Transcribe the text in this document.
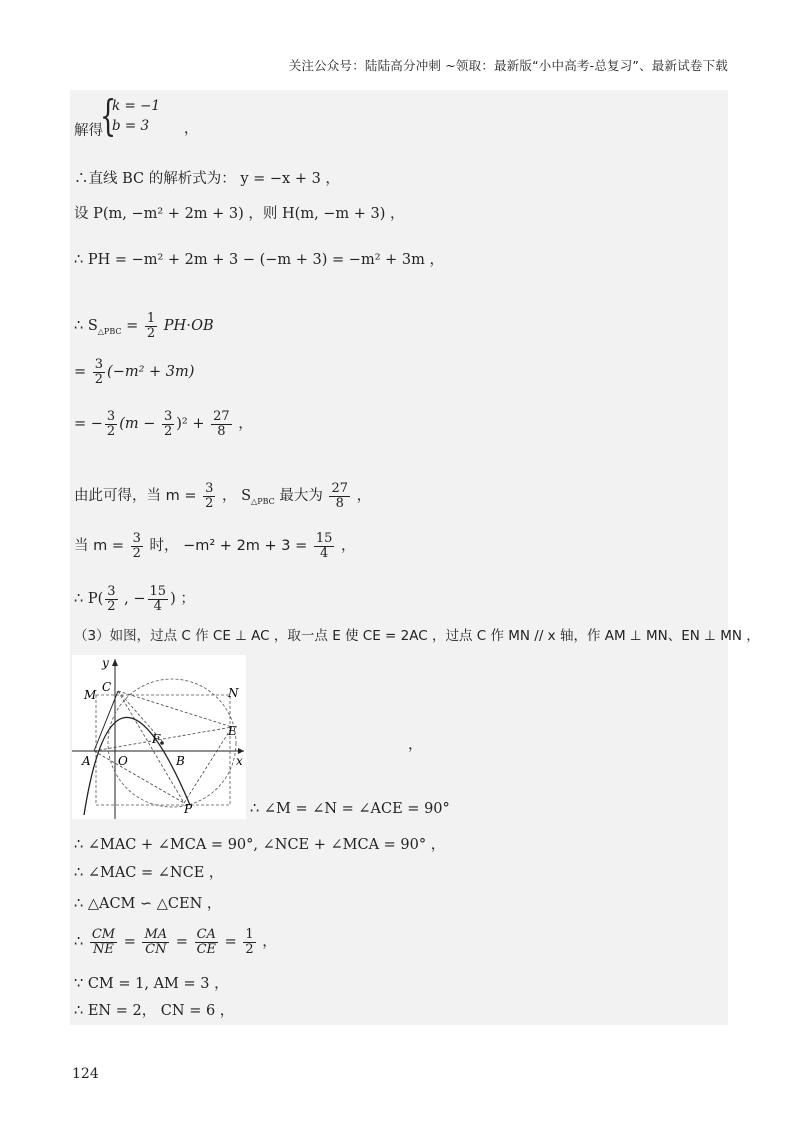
关注公众号：陆陆高分冲刺 ~领取：最新版“小中高考-总复习”、最新试卷下载
解得
{
k = −1
b = 3 ，
∴直线 BC 的解析式为： y = −x + 3 ，
设 P(m, −m² + 2m + 3) ，则 H(m, −m + 3) ，
∴ PH = −m² + 2m + 3 − (−m + 3) = −m² + 3m ，
∴ $S_{\triangle PBC} = \frac{1}{2} PH\cdot OB$
= $\frac{3}{2} (-m^2 + 3m)$
= − $\frac{3}{2} (m - \frac{3}{2} )^2 + \frac{27}{8}$ ，
由此可得，当 $m = \frac{3}{2}$ ， $S_{\triangle PBC}$ 最大为 $\frac{27}{8}$ ，
当 $m = \frac{3}{2}$ 时， $-m^2 + 2m + 3 = \frac{15}{4}$ ，
∴ $P( \frac{3}{2}$ , − $\frac{15}{4}$ ) ；
（3）如图，过点 C 作 CE ⊥ AC ，取一点 E 使 CE = 2AC ，过点 C 作 MN // x 轴，作 AM ⊥ MN、EN ⊥ MN ，
y
x
M
C	N
E
F
A O	B
P
，
∴ ∠M = ∠N = ∠ACE = 90°
∴ ∠MAC + ∠MCA = 90°, ∠NCE + ∠MCA = 90° ，
∴ ∠MAC = ∠NCE ，
∴ △ACM ∽ △CEN ，
∴ $\frac{CM}{NE} = \frac{MA}{CN} = \frac{CA}{CE} = \frac{1}{2}$ ，
∵ CM = 1, AM = 3 ，
∴ EN = 2， CN = 6 ，
124
